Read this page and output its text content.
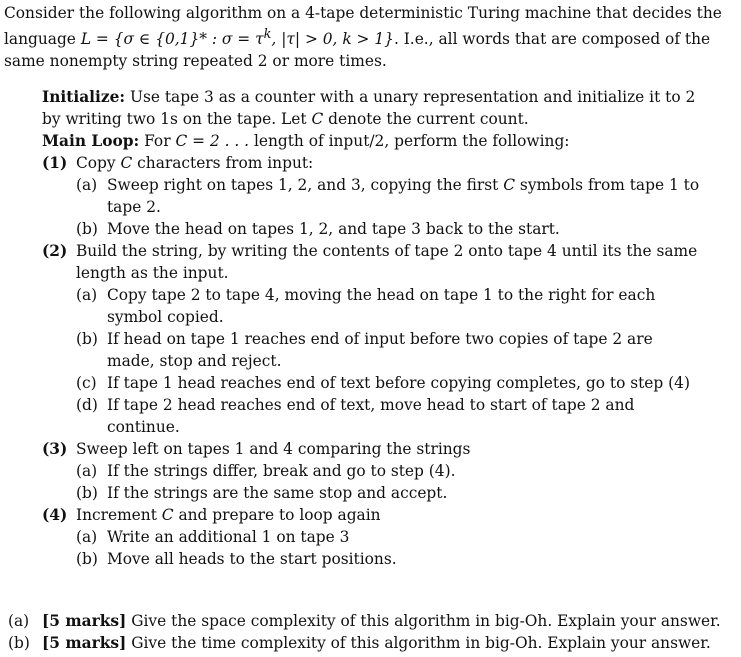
Consider the following algorithm on a 4-tape deterministic Turing machine that decides the

language L = {σ ∈ {0,1}* : $\sigma = \tau^k$, |τ| > 0, k > 1}. I.e., all words that are composed of the

same nonempty string repeated 2 or more times.

Initialize: Use tape 3 as a counter with a unary representation and initialize it to 2 by writing two 1s on the tape. Let C denote the current count.

Main Loop: For C = 2 . . . length of input/2, perform the following:

(1) Copy C characters from input:

(a) Sweep right on tapes 1, 2, and 3, copying the first C symbols from tape 1 to tape 2.

(b) Move the head on tapes 1, 2, and tape 3 back to the start.

(2) Build the string, by writing the contents of tape 2 onto tape 4 until its the same length as the input.

(a) Copy tape 2 to tape 4, moving the head on tape 1 to the right for each symbol copied.

(b) If head on tape 1 reaches end of input before two copies of tape 2 are made, stop and reject.

(c) If tape 1 head reaches end of text before copying completes, go to step (4)

(d) If tape 2 head reaches end of text, move head to start of tape 2 and continue.

(3) Sweep left on tapes 1 and 4 comparing the strings

(a) If the strings differ, break and go to step (4).

(b) If the strings are the same stop and accept.

(4) Increment C and prepare to loop again

(a) Write an additional 1 on tape 3

(b) Move all heads to the start positions.

(a) [5 marks] Give the space complexity of this algorithm in big-Oh. Explain your answer.

(b) [5 marks] Give the time complexity of this algorithm in big-Oh. Explain your answer.
